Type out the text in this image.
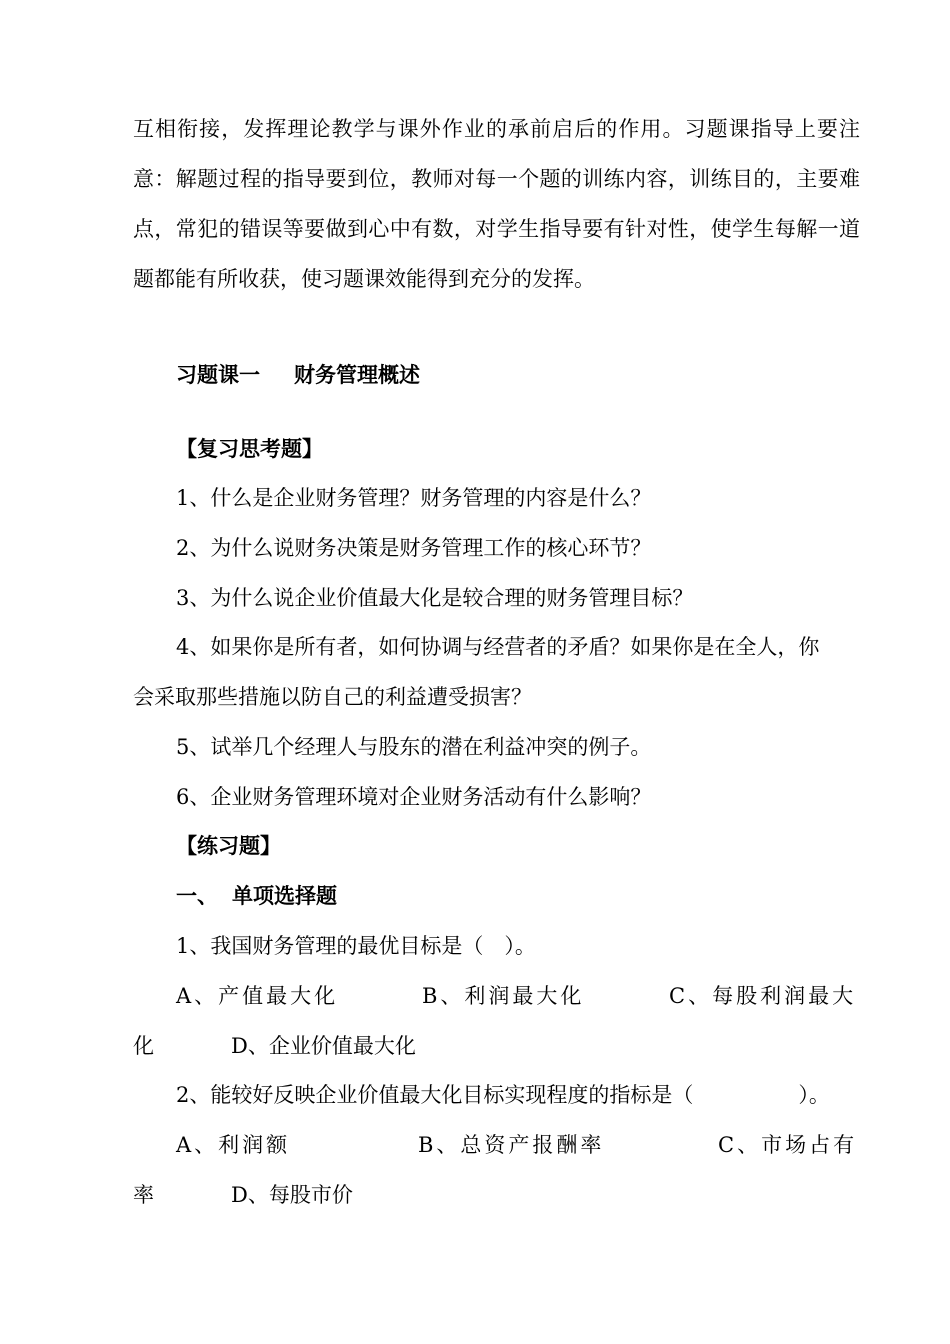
互相衔接，发挥理论教学与课外作业的承前启后的作用。习题课指导上要注意：解题过程的指导要到位，教师对每一个题的训练内容，训练目的，主要难点，常犯的错误等要做到心中有数，对学生指导要有针对性，使学生每解一道题都能有所收获，使习题课效能得到充分的发挥。
习题课一 财务管理概述
【复习思考题】
1、什么是企业财务管理？财务管理的内容是什么？
2、为什么说财务决策是财务管理工作的核心环节？
3、为什么说企业价值最大化是较合理的财务管理目标？
4、如果你是所有者，如何协调与经营者的矛盾？如果你是在全人，你
会采取那些措施以防自己的利益遭受损害？
5、试举几个经理人与股东的潜在利益冲突的例子。
6、企业财务管理环境对企业财务活动有什么影响？
【练习题】
一、 单项选择题
1、我国财务管理的最优目标是（　）。
A、产值最大化	B、利润最大化	C、每股利润最大
化	D、企业价值最大化
2、能较好反映企业价值最大化目标实现程度的指标是（　　　　　）。
A、利润额	B、总资产报酬率	C、市场占有
率	D、每股市价
